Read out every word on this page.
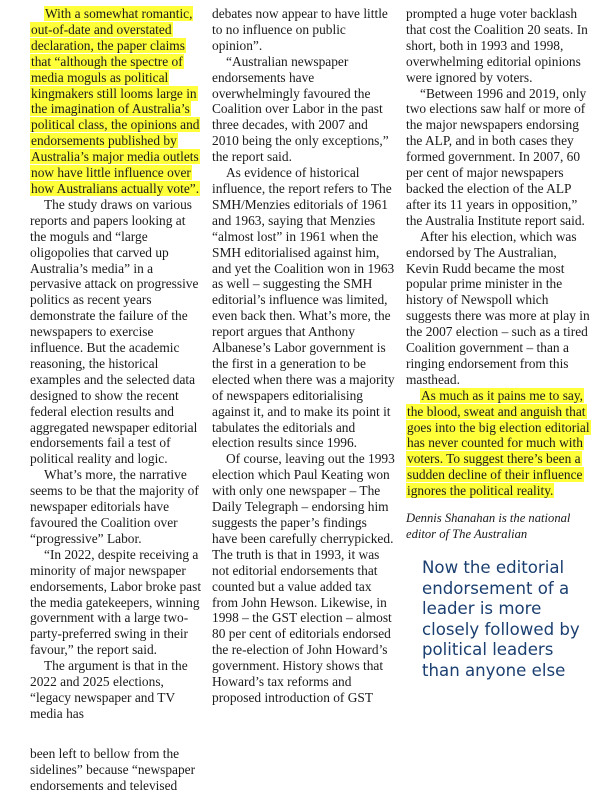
With a somewhat romantic, out-of-date and overstated declaration, the paper claims that “although the spectre of media moguls as political kingmakers still looms large in the imagination of Australia’s political class, the opinions and endorsements published by Australia’s major media outlets now have little influence over how Australians actually vote”.

The study draws on various reports and papers looking at the moguls and “large oligopolies that carved up Australia’s media” in a pervasive attack on progressive politics as recent years demonstrate the failure of the newspapers to exercise influence. But the academic reasoning, the historical examples and the selected data designed to show the recent federal election results and aggregated newspaper editorial endorsements fail a test of political reality and logic.

What’s more, the narrative seems to be that the majority of newspaper editorials have favoured the Coalition over “progressive” Labor.

“In 2022, despite receiving a minority of major newspaper endorsements, Labor broke past the media gatekeepers, winning government with a large two-party-preferred swing in their favour,” the report said.

The argument is that in the 2022 and 2025 elections, “legacy newspaper and TV media has

been left to bellow from the sidelines” because “newspaper endorsements and televised

debates now appear to have little to no influence on public opinion”.

“Australian newspaper endorsements have overwhelmingly favoured the Coalition over Labor in the past three decades, with 2007 and 2010 being the only exceptions,” the report said.

As evidence of historical influence, the report refers to The SMH/Menzies editorials of 1961 and 1963, saying that Menzies “almost lost” in 1961 when the SMH editorialised against him, and yet the Coalition won in 1963 as well – suggesting the SMH editorial’s influence was limited, even back then. What’s more, the report argues that Anthony Albanese’s Labor government is the first in a generation to be elected when there was a majority of newspapers editorialising against it, and to make its point it tabulates the editorials and election results since 1996.

Of course, leaving out the 1993 election which Paul Keating won with only one newspaper – The Daily Telegraph – endorsing him suggests the paper’s findings have been carefully cherrypicked. The truth is that in 1993, it was not editorial endorsements that counted but a value added tax from John Hewson. Likewise, in 1998 – the GST election – almost 80 per cent of editorials endorsed the re-election of John Howard’s government. History shows that Howard’s tax reforms and proposed introduction of GST

prompted a huge voter backlash that cost the Coalition 20 seats. In short, both in 1993 and 1998, overwhelming editorial opinions were ignored by voters.

“Between 1996 and 2019, only two elections saw half or more of the major newspapers endorsing the ALP, and in both cases they formed government. In 2007, 60 per cent of major newspapers backed the election of the ALP after its 11 years in opposition,” the Australia Institute report said.

After his election, which was endorsed by The Australian, Kevin Rudd became the most popular prime minister in the history of Newspoll which suggests there was more at play in the 2007 election – such as a tired Coalition government – than a ringing endorsement from this masthead.

As much as it pains me to say, the blood, sweat and anguish that goes into the big election editorial has never counted for much with voters. To suggest there’s been a sudden decline of their influence ignores the political reality.

Dennis Shanahan is the national editor of The Australian
Now the editorial endorsement of a leader is more closely followed by political leaders than anyone else
